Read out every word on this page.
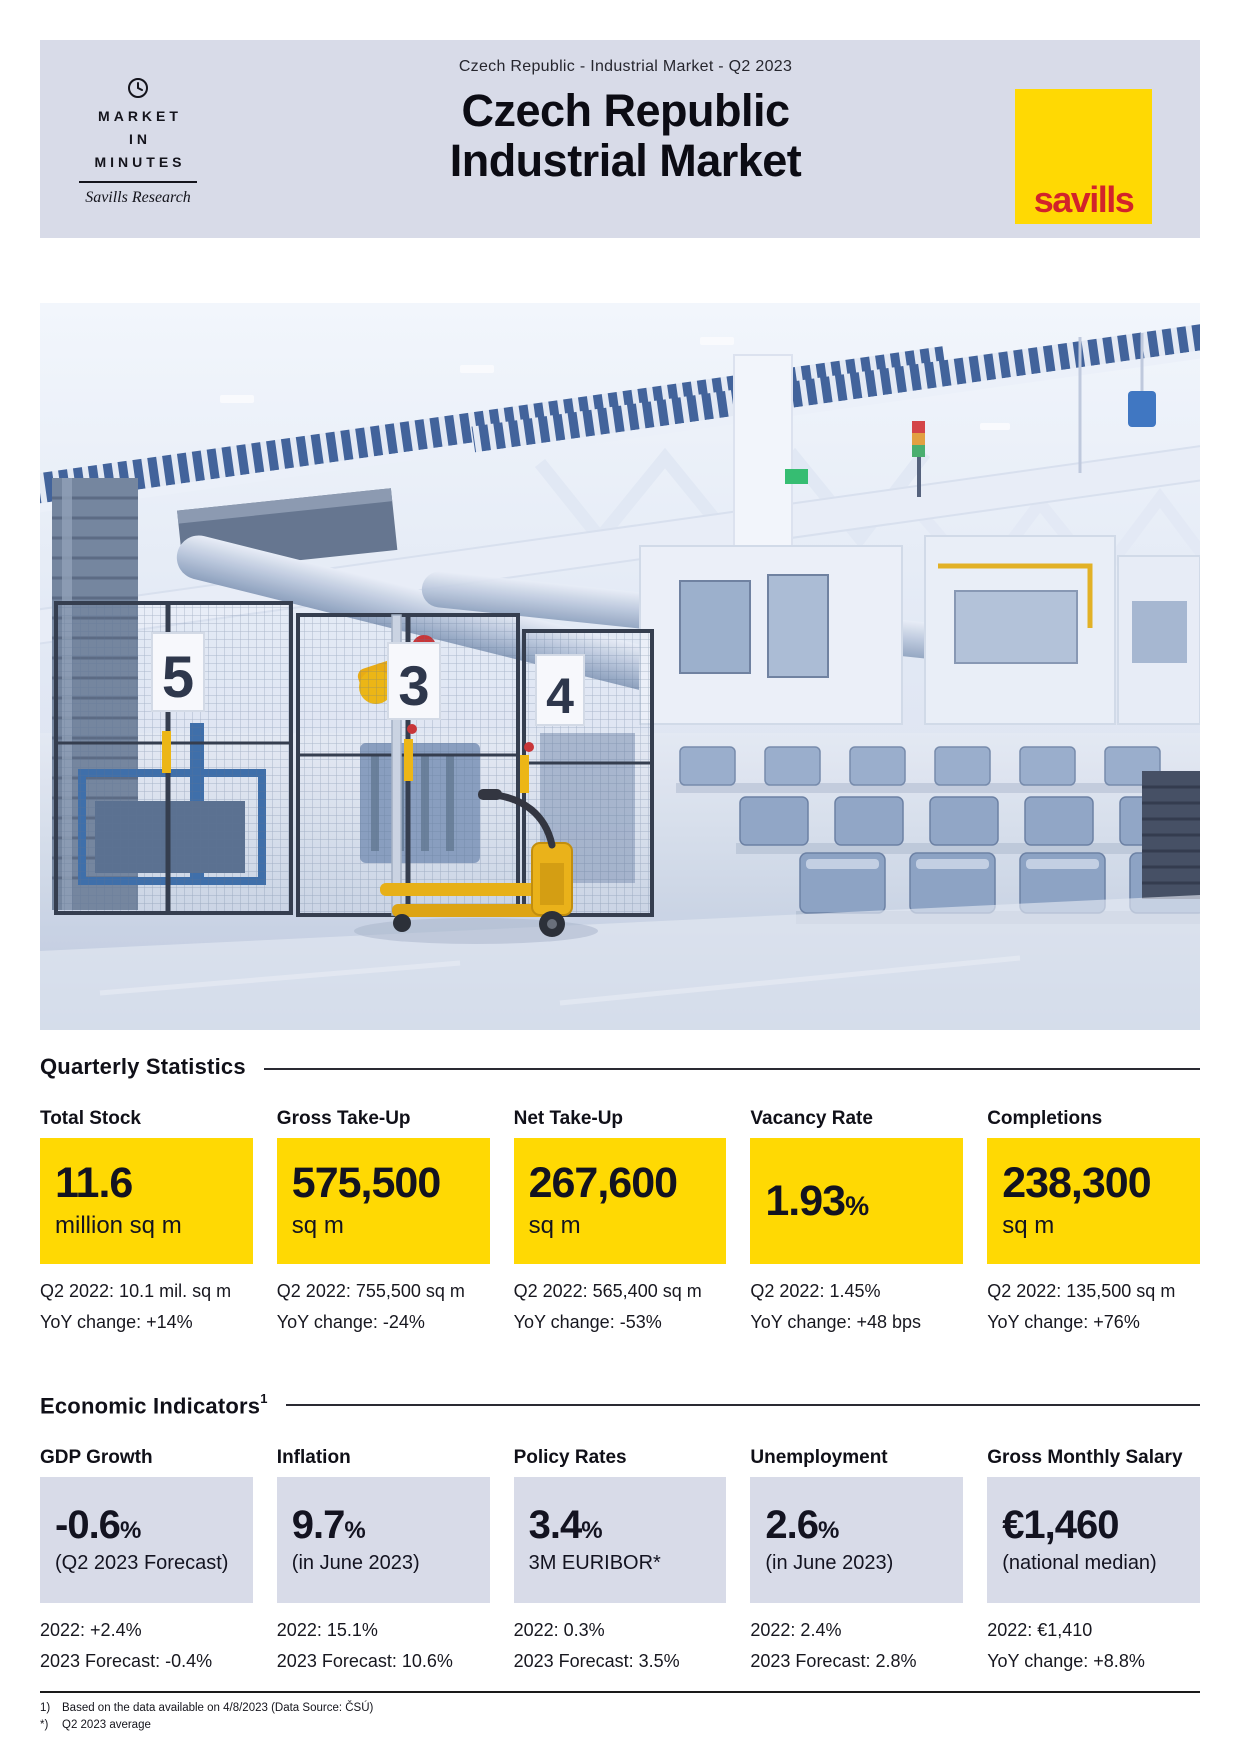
MARKET
IN
MINUTES
Savills Research
Czech Republic - Industrial Market - Q2 2023
Czech Republic
Industrial Market
savills
5	3 4
Quarterly Statistics
Total Stock
11.6
million sq m
Q2 2022: 10.1 mil. sq m
YoY change: +14%
Gross Take-Up
575,500
sq m
Q2 2022: 755,500 sq m
YoY change: -24%
Net Take-Up
267,600
sq m
Q2 2022: 565,400 sq m
YoY change: -53%
Vacancy Rate
1.93%
Q2 2022: 1.45%
YoY change: +48 bps
Completions
238,300
sq m
Q2 2022: 135,500 sq m
YoY change: +76%
Economic Indicators$^1$
GDP Growth
-0.6%
(Q2 2023 Forecast)
2022: +2.4%
2023 Forecast: -0.4%
Inflation
9.7%
(in June 2023)
2022: 15.1%
2023 Forecast: 10.6%
Policy Rates
3.4%
3M EURIBOR*
2022: 0.3%
2023 Forecast: 3.5%
Unemployment
2.6%
(in June 2023)
2022: 2.4%
2023 Forecast: 2.8%
Gross Monthly Salary
€1,460
(national median)
2022: €1,410
YoY change: +8.8%
1)	Based on the data available on 4/8/2023 (Data Source: ČSÚ)
*)	Q2 2023 average
